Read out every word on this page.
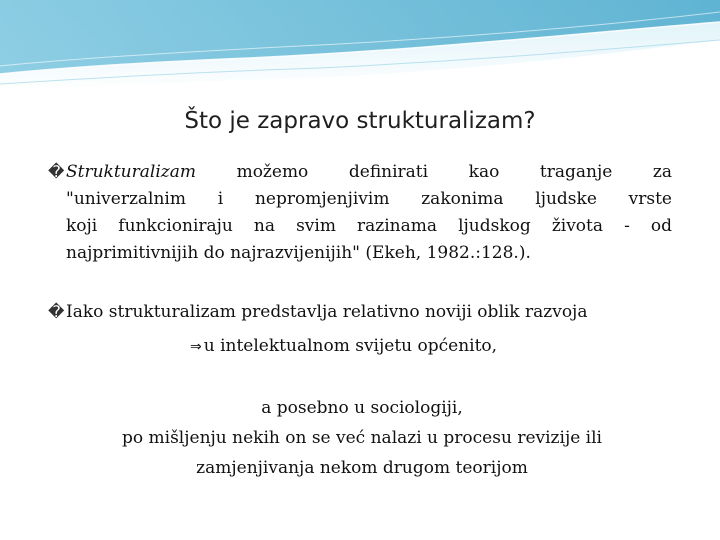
Što je zapravo strukturalizam?
�Strukturalizam možemo definirati kao traganje za
"univerzalnim i nepromjenjivim zakonima ljudske vrste
koji funkcioniraju na svim razinama ljudskog života - od
najprimitivnijih do najrazvijenijih" (Ekeh, 1982.:128.).
�Iako strukturalizam predstavlja relativno noviji oblik razvoja
⇒ u intelektualnom svijetu općenito,
a posebno u sociologiji,
po mišljenju nekih on se već nalazi u procesu revizije ili
zamjenjivanja nekom drugom teorijom
